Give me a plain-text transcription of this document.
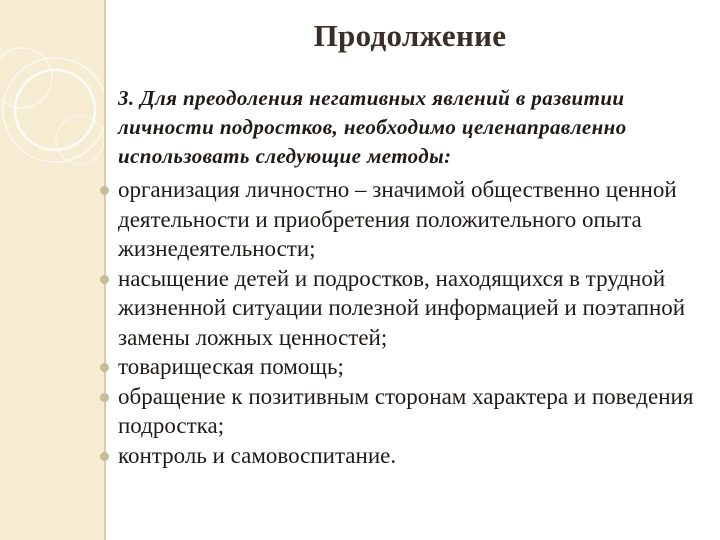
Продолжение

3. Для преодоления негативных явлений в развитии личности подростков, необходимо целенаправленно использовать следующие методы:

организация личностно – значимой общественно ценной деятельности и приобретения положительного опыта жизнедеятельности;
насыщение детей и подростков, находящихся в трудной жизненной ситуации полезной информацией и поэтапной замены ложных ценностей;
товарищеская помощь;
обращение к позитивным сторонам характера и поведения подростка;
контроль и самовоспитание.
